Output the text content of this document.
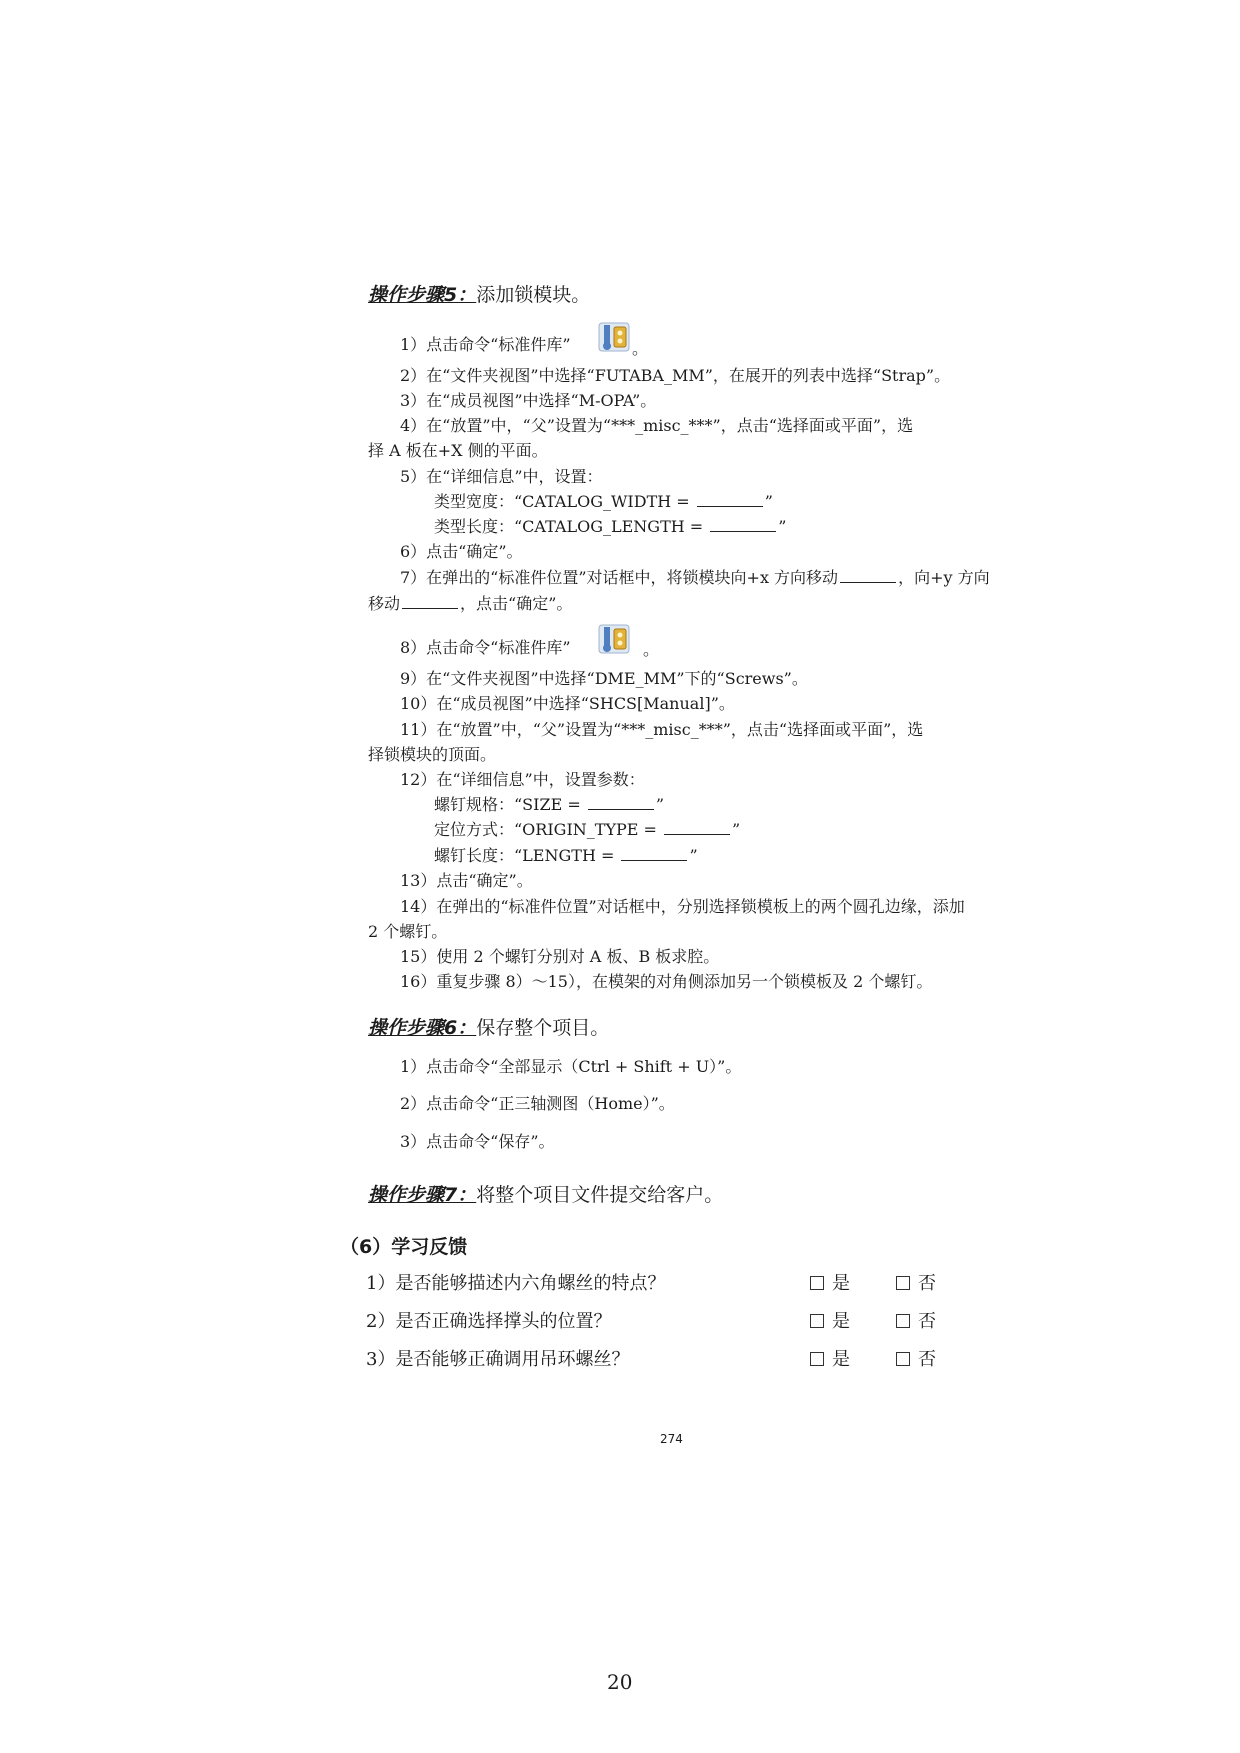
操作步骤5：添加锁模块。
1）点击命令“标准件库”	。
2）在“文件夹视图”中选择“FUTABA_MM”，在展开的列表中选择“Strap”。
3）在“成员视图”中选择“M-OPA”。
4）在“放置”中，“父”设置为“***_misc_***”，点击“选择面或平面”，选
择 A 板在+X 侧的平面。
5）在“详细信息”中，设置：
类型宽度：“CATALOG_WIDTH =	”
类型长度：“CATALOG_LENGTH =	”
6）点击“确定”。
7）在弹出的“标准件位置”对话框中，将锁模块向+x 方向移动	，向+y 方向
移动	，点击“确定”。
8）点击命令“标准件库”	。
9）在“文件夹视图”中选择“DME_MM”下的“Screws”。
10）在“成员视图”中选择“SHCS[Manual]”。
11）在“放置”中，“父”设置为“***_misc_***”，点击“选择面或平面”，选
择锁模块的顶面。
12）在“详细信息”中，设置参数：
螺钉规格：“SIZE =	”
定位方式：“ORIGIN_TYPE =	”
螺钉长度：“LENGTH =	”
13）点击“确定”。
14）在弹出的“标准件位置”对话框中，分别选择锁模板上的两个圆孔边缘，添加
2 个螺钉。
15）使用 2 个螺钉分别对 A 板、B 板求腔。
16）重复步骤 8）～15），在模架的对角侧添加另一个锁模板及 2 个螺钉。
操作步骤6：保存整个项目。
1）点击命令“全部显示（Ctrl + Shift + U）”。
2）点击命令“正三轴测图（Home）”。
3）点击命令“保存”。
操作步骤7：将整个项目文件提交给客户。
（6）学习反馈
1）是否能够描述内六角螺丝的特点？	是	否
2）是否正确选择撑头的位置？	是	否
3）是否能够正确调用吊环螺丝？	是	否
274
20
